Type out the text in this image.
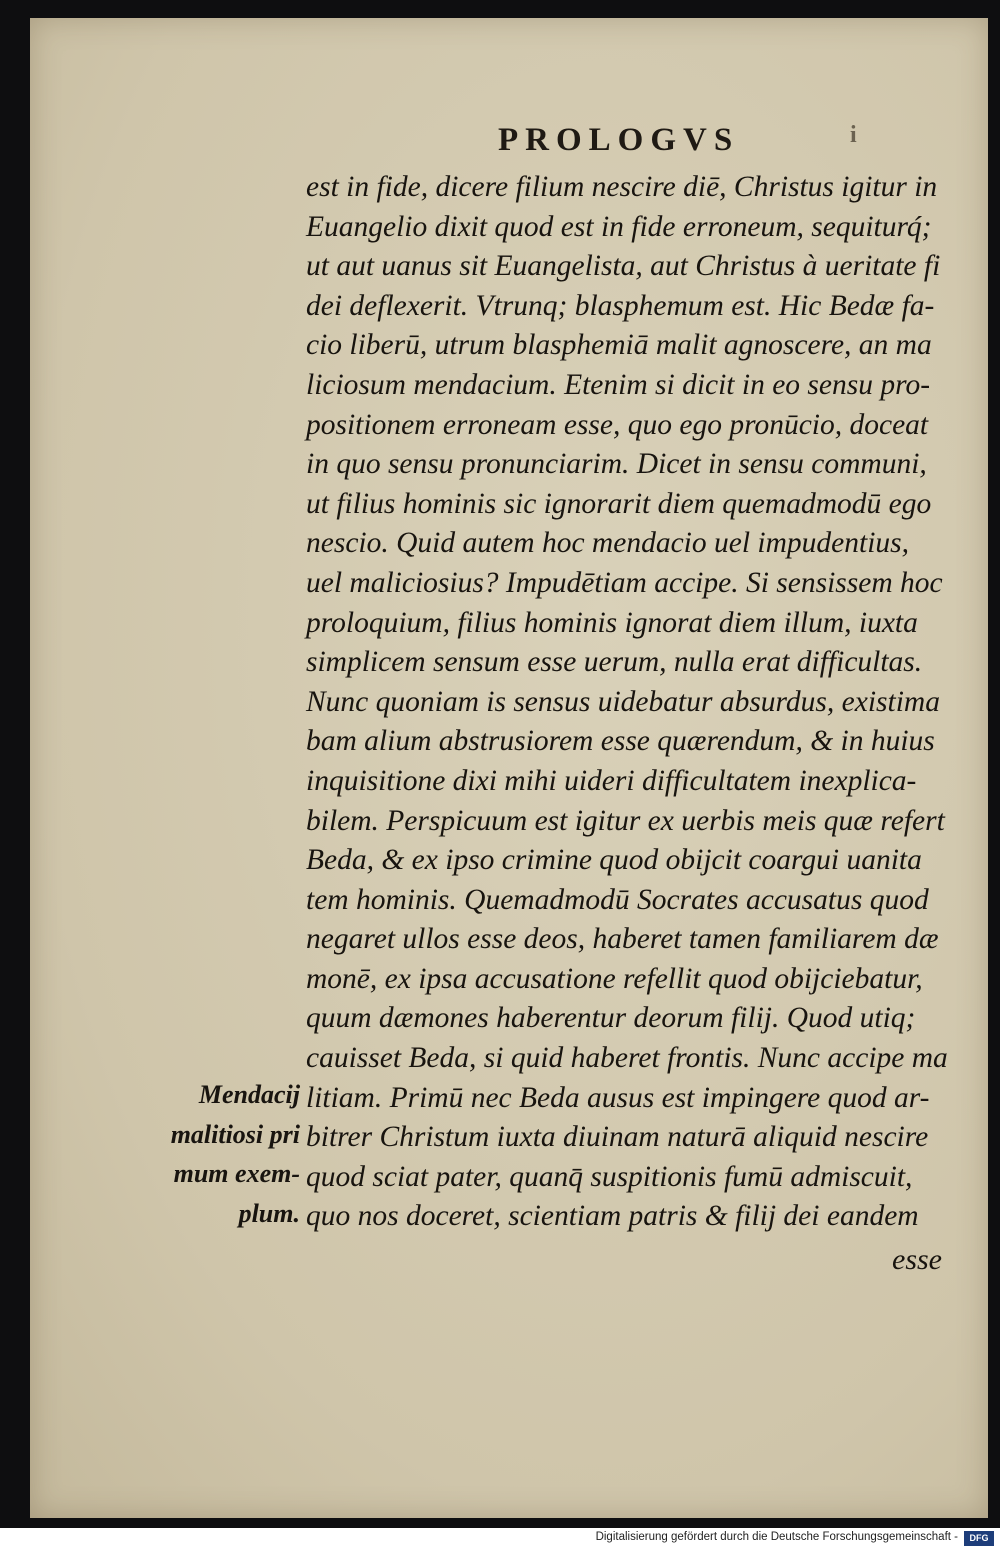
PROLOGVS	i
est in fide, dicere filium nescire diē, Christus igitur in
Euangelio dixit quod est in fide erroneum, sequiturq́;
ut aut uanus sit Euangelista, aut Christus à ueritate fi
dei deflexerit. Vtrunq; blasphemum est. Hic Bedæ fa-
cio liberū, utrum blasphemiā malit agnoscere, an ma
liciosum mendacium. Etenim si dicit in eo sensu pro-
positionem erroneam esse, quo ego pronūcio, doceat
in quo sensu pronunciarim. Dicet in sensu communi,
ut filius hominis sic ignorarit diem quemadmodū ego
nescio. Quid autem hoc mendacio uel impudentius,
uel maliciosius? Impudētiam accipe. Si sensissem hoc
proloquium, filius hominis ignorat diem illum, iuxta
simplicem sensum esse uerum, nulla erat difficultas.
Nunc quoniam is sensus uidebatur absurdus, existima
bam alium abstrusiorem esse quærendum, & in huius
inquisitione dixi mihi uideri difficultatem inexplica-
bilem. Perspicuum est igitur ex uerbis meis quæ refert
Beda, & ex ipso crimine quod obijcit coargui uanita
tem hominis. Quemadmodū Socrates accusatus quod
negaret ullos esse deos, haberet tamen familiarem dæ
monē, ex ipsa accusatione refellit quod obijciebatur,
quum dæmones haberentur deorum filij. Quod utiq;
cauisset Beda, si quid haberet frontis. Nunc accipe ma
litiam. Primū nec Beda ausus est impingere quod ar-
bitrer Christum iuxta diuinam naturā aliquid nescire
quod sciat pater, quanq̄ suspitionis fumū admiscuit,
quo nos doceret, scientiam patris & filij dei eandem
esse
Mendacij
malitiosi pri
mum exem-
plum.
Digitalisierung gefördert durch die Deutsche Forschungsgemeinschaft -	DFG
